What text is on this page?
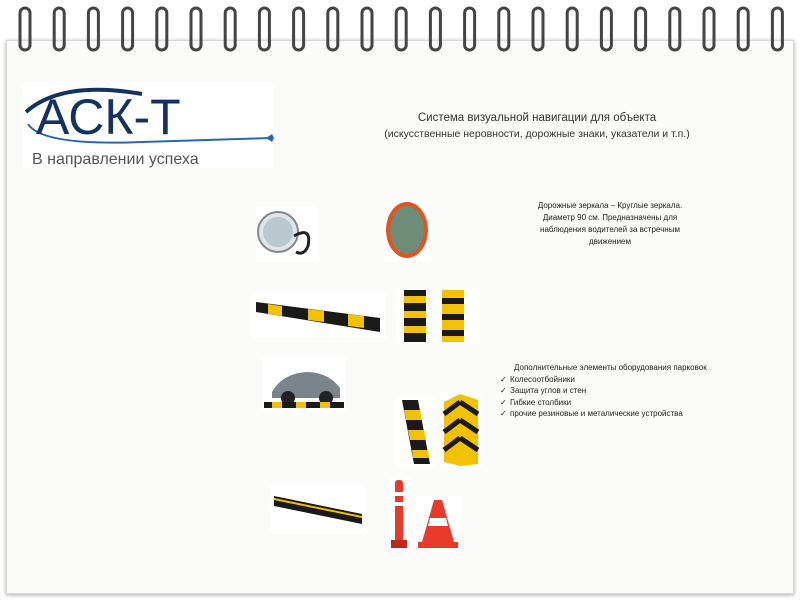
АСК-Т
В направлении успеха
Система визуальной навигации для объекта
(искусственные неровности, дорожные знаки, указатели и т.п.)
Дорожные зеркала – Круглые зеркала.
Диаметр 90 см. Предназначены для
наблюдения водителей за встречным
движением
Дополнительные элементы оборудования парковок
✓ Колесоотбойники
✓ Защита углов и стен
✓ Гибкие столбики
✓ прочие резиновые и металические устройства
